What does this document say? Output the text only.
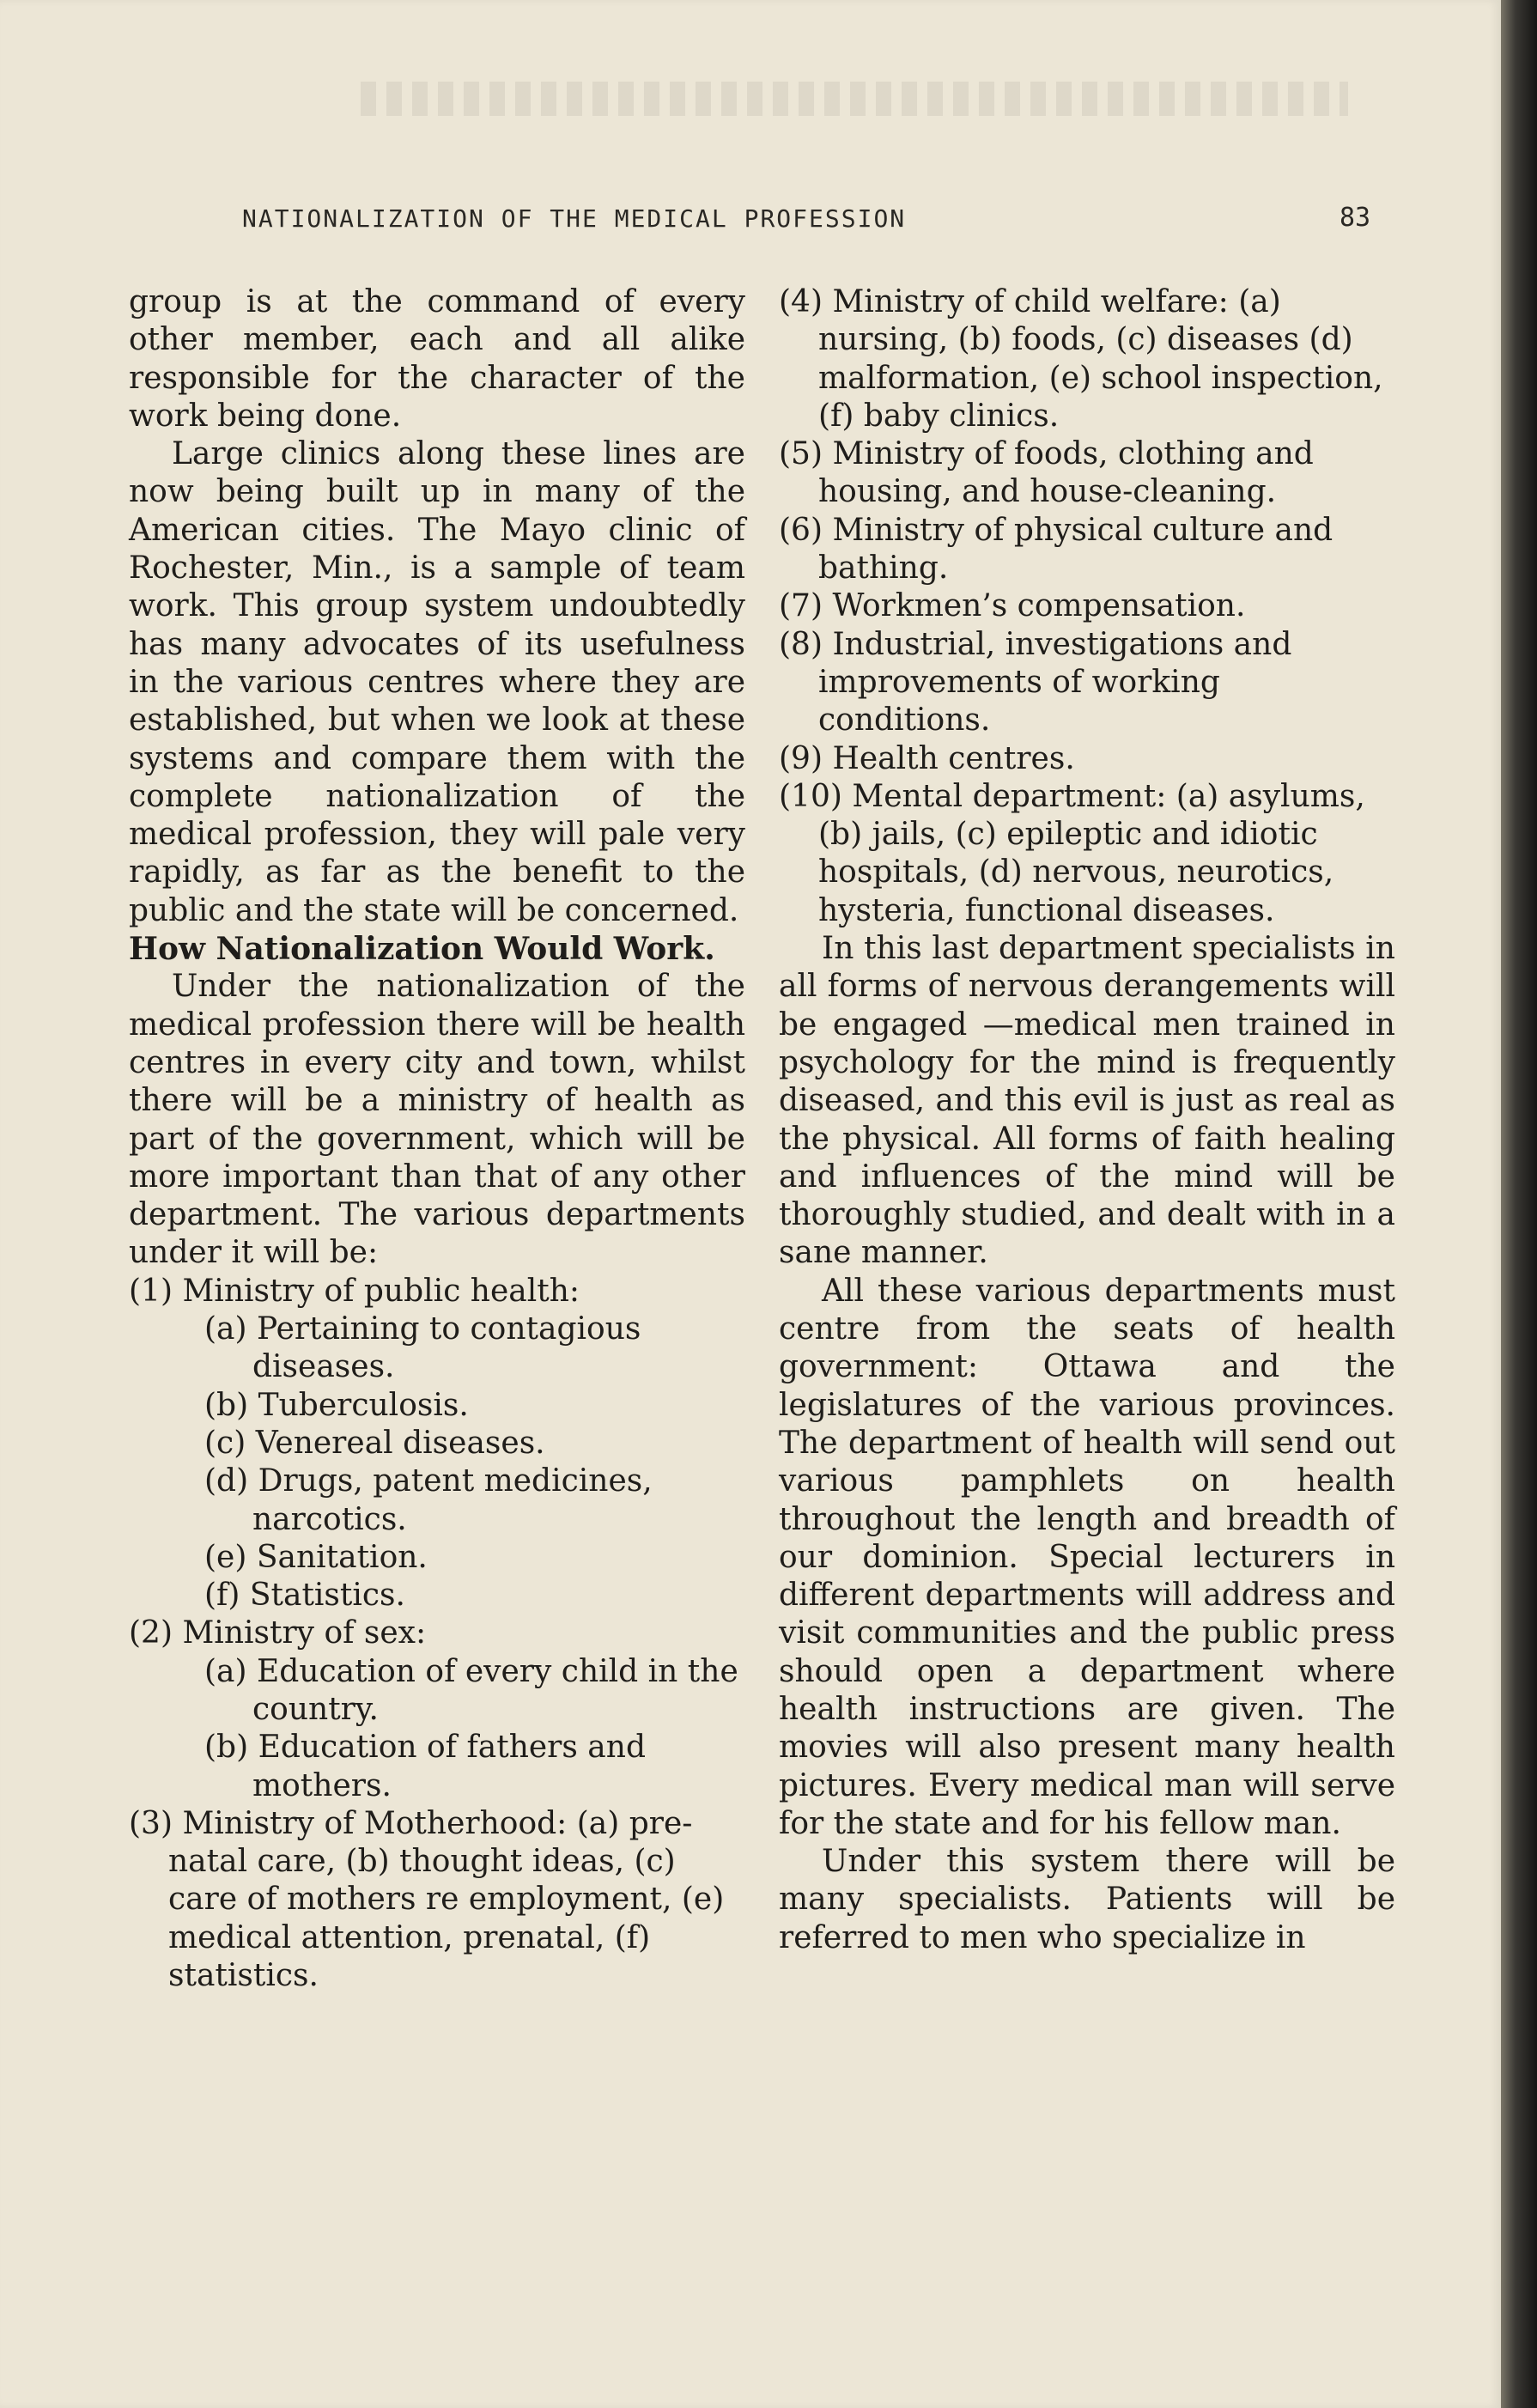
NATIONALIZATION OF THE MEDICAL PROFESSION	83

group is at the command of every other member, each and all alike responsible for the character of the work being done.

Large clinics along these lines are now being built up in many of the American cities. The Mayo clinic of Rochester, Min., is a sample of team work. This group system undoubtedly has many advocates of its usefulness in the various centres where they are established, but when we look at these systems and compare them with the complete nationalization of the medical profession, they will pale very rapidly, as far as the benefit to the public and the state will be concerned.

How Nationalization Would Work.

Under the nationalization of the medical profession there will be health centres in every city and town, whilst there will be a ministry of health as part of the government, which will be more important than that of any other department. The various departments under it will be:

(1) Ministry of public health:

(a) Pertaining to contagious diseases.

(b) Tuberculosis.

(c) Venereal diseases.

(d) Drugs, patent medicines, narcotics.

(e) Sanitation.

(f) Statistics.

(2) Ministry of sex:

(a) Education of every child in the country.

(b) Education of fathers and mothers.

(3) Ministry of Motherhood: (a) pre-natal care, (b) thought ideas, (c) care of mothers re employment, (e) medical attention, prenatal, (f) statistics.

(4) Ministry of child welfare: (a) nursing, (b) foods, (c) diseases (d) malformation, (e) school inspection, (f) baby clinics.

(5) Ministry of foods, clothing and housing, and house-cleaning.

(6) Ministry of physical culture and bathing.

(7) Workmen’s compensation.

(8) Industrial, investigations and improvements of working conditions.

(9) Health centres.

(10) Mental department: (a) asylums, (b) jails, (c) epileptic and idiotic hospitals, (d) nervous, neurotics, hysteria, functional diseases.

In this last department specialists in all forms of nervous derangements will be engaged —medical men trained in psychology for the mind is frequently diseased, and this evil is just as real as the physical. All forms of faith healing and influences of the mind will be thoroughly studied, and dealt with in a sane manner.

All these various departments must centre from the seats of health government: Ottawa and the legislatures of the various provinces. The department of health will send out various pamphlets on health throughout the length and breadth of our dominion. Special lecturers in different departments will address and visit communities and the public press should open a department where health instructions are given. The movies will also present many health pictures. Every medical man will serve for the state and for his fellow man.

Under this system there will be many specialists. Patients will be referred to men who specialize in
